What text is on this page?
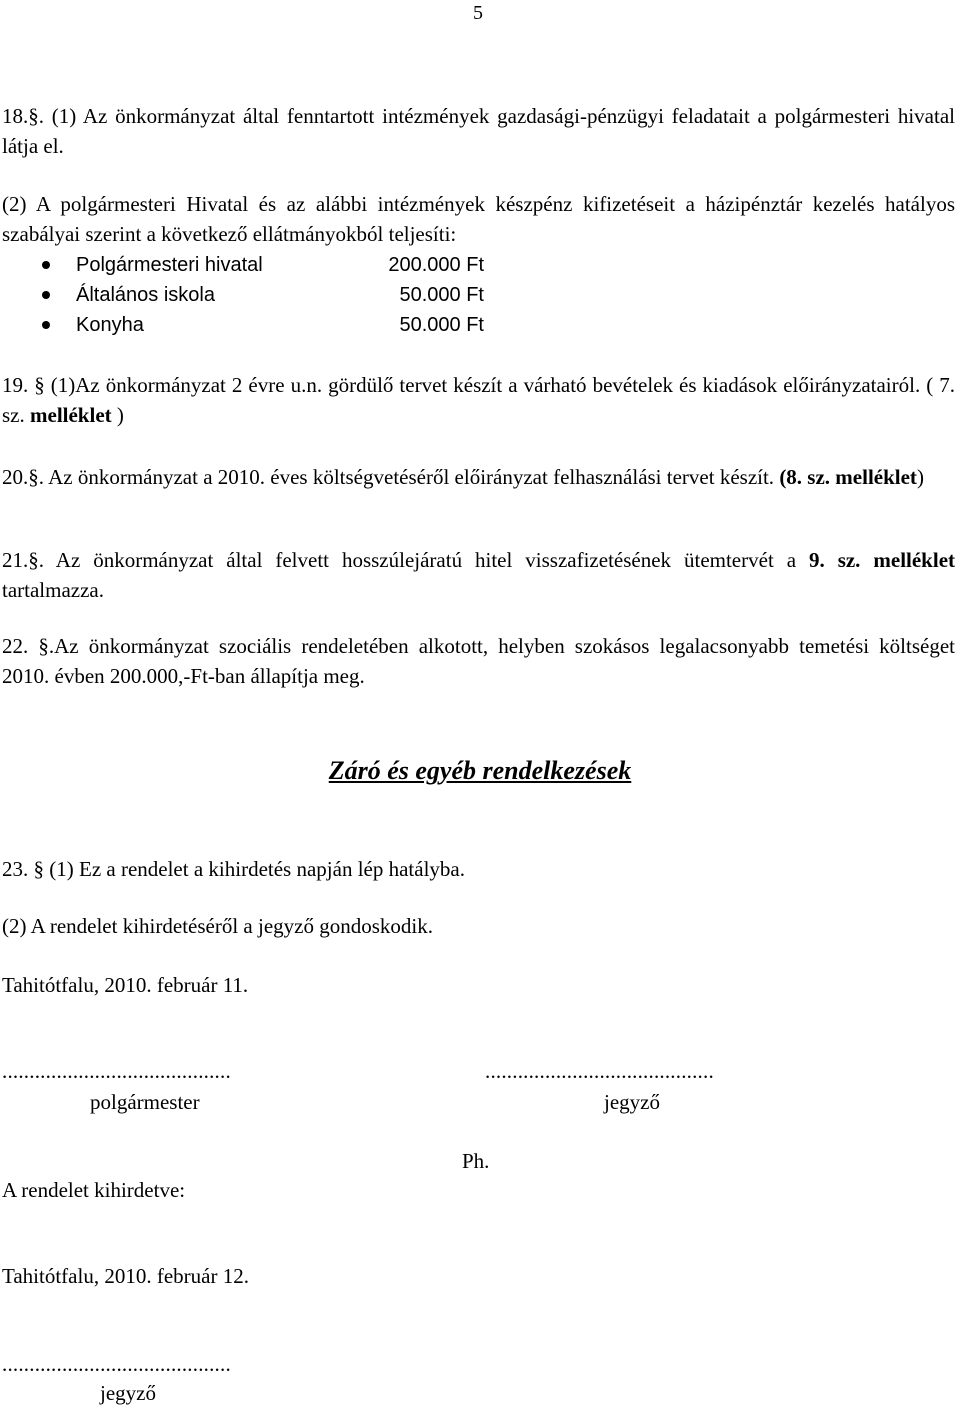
5
18.§. (1) Az önkormányzat által fenntartott intézmények gazdasági-pénzügyi feladatait a polgármesteri hivatal látja el.
(2) A polgármesteri Hivatal és az alábbi intézmények készpénz kifizetéseit a házipénztár kezelés hatályos szabályai szerint a következő ellátmányokból teljesíti:
Polgármesteri hivatal	200.000 Ft
Általános iskola	50.000 Ft
Konyha	50.000 Ft
19. § (1)Az önkormányzat 2 évre u.n. gördülő tervet készít a várható bevételek és kiadások előirányzatairól. ( 7. sz. melléklet )
20.§. Az önkormányzat a 2010. éves költségvetéséről előirányzat felhasználási tervet készít. (8. sz. melléklet)
21.§. Az önkormányzat által felvett hosszúlejáratú hitel visszafizetésének ütemtervét a 9. sz. melléklet tartalmazza.
22. §.Az önkormányzat szociális rendeletében alkotott, helyben szokásos legalacsonyabb temetési költséget 2010. évben 200.000,-Ft-ban állapítja meg.
Záró és egyéb rendelkezések
23. § (1) Ez a rendelet a kihirdetés napján lép hatályba.
(2) A rendelet kihirdetéséről a jegyző gondoskodik.
Tahitótfalu, 2010. február 11.
..........................................
polgármester
..........................................
jegyző
Ph.
A rendelet kihirdetve:
Tahitótfalu, 2010. február 12.
..........................................
jegyző
